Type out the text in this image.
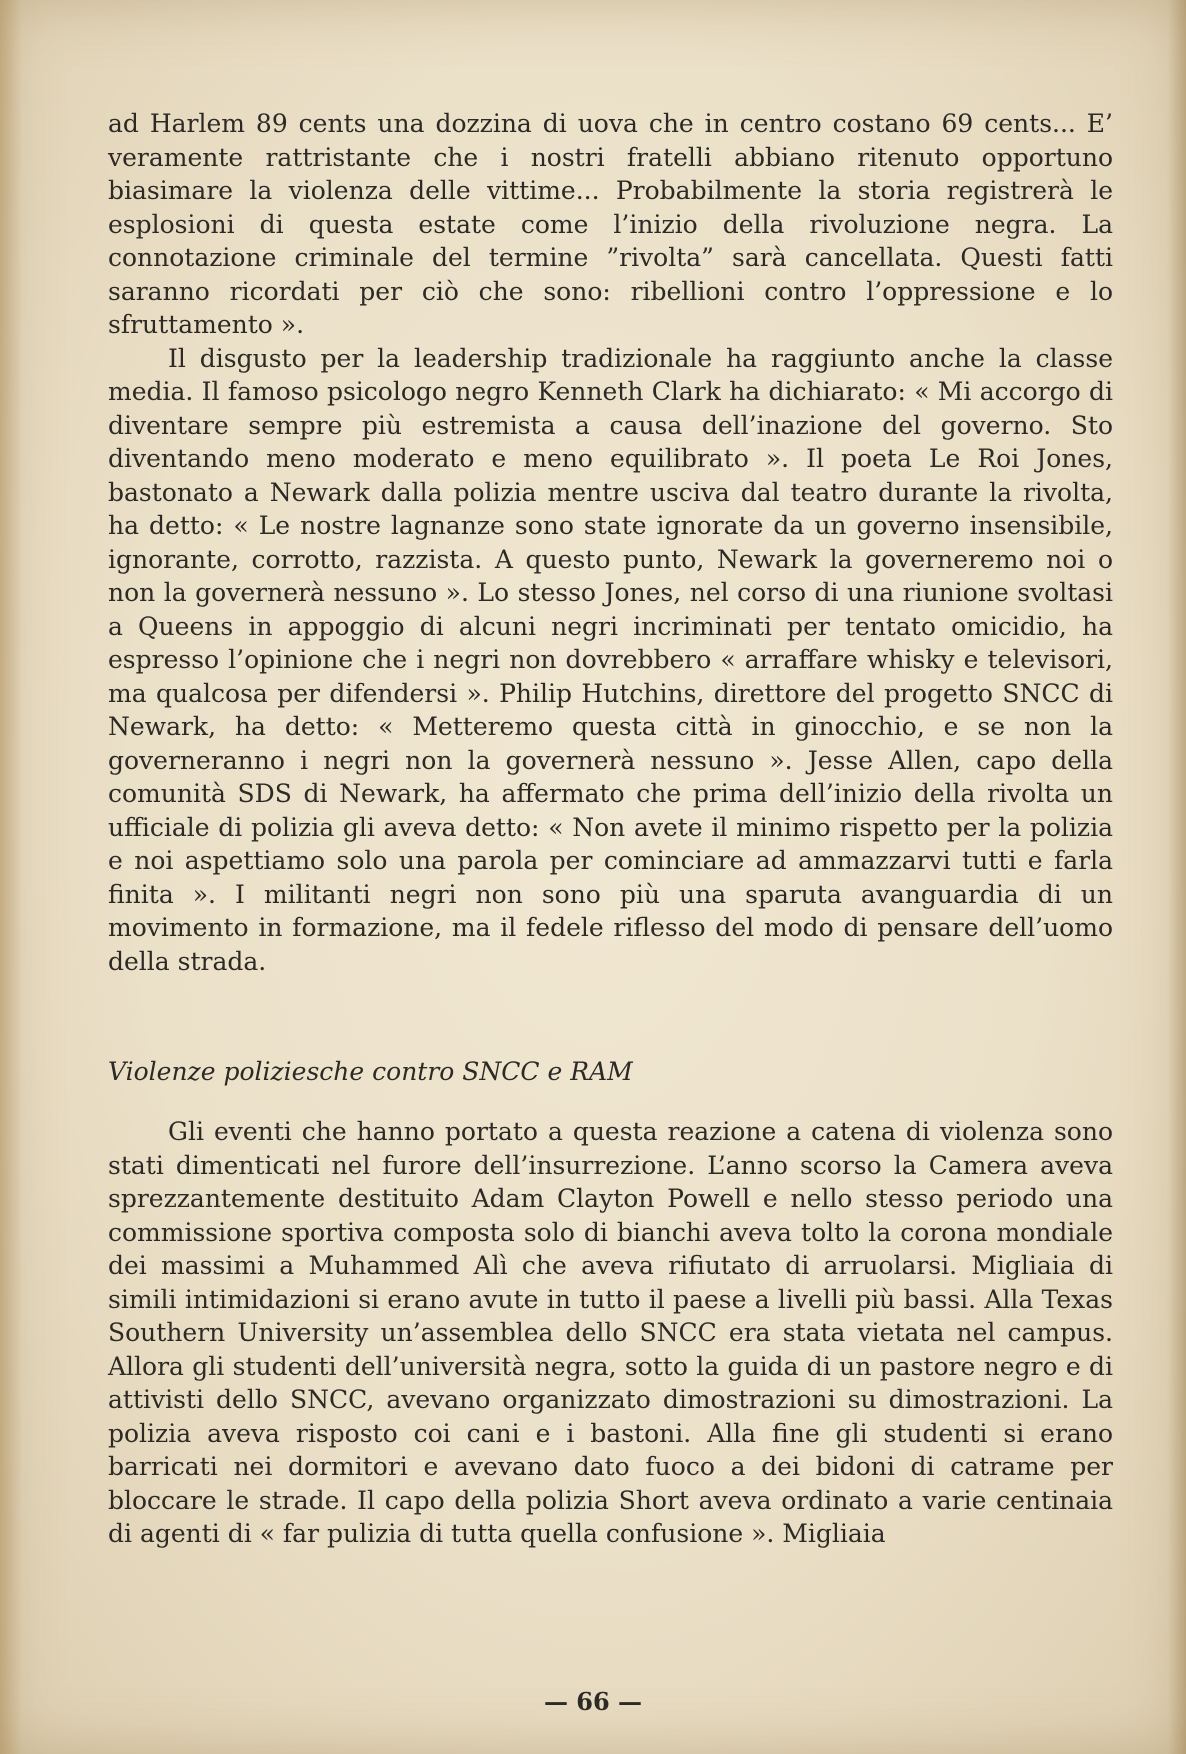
ad Harlem 89 cents una dozzina di uova che in centro costano 69 cents... E’ veramente rattristante che i nostri fratelli abbiano ritenuto opportuno biasimare la violenza delle vittime... Probabilmente la storia registrerà le esplosioni di questa estate come l’inizio della rivoluzione negra. La connotazione criminale del termine ”rivolta” sarà cancellata. Questi fatti saranno ricordati per ciò che sono: ribellioni contro l’oppressione e lo sfruttamento ».

Il disgusto per la leadership tradizionale ha raggiunto anche la classe media. Il famoso psicologo negro Kenneth Clark ha dichiarato: « Mi accorgo di diventare sempre più estremista a causa dell’inazione del governo. Sto diventando meno moderato e meno equilibrato ». Il poeta Le Roi Jones, bastonato a Newark dalla polizia mentre usciva dal teatro durante la rivolta, ha detto: « Le nostre lagnanze sono state ignorate da un governo insensibile, ignorante, corrotto, razzista. A questo punto, Newark la governeremo noi o non la governerà nessuno ». Lo stesso Jones, nel corso di una riunione svoltasi a Queens in appoggio di alcuni negri incriminati per tentato omicidio, ha espresso l’opinione che i negri non dovrebbero « arraffare whisky e televisori, ma qualcosa per difendersi ». Philip Hutchins, direttore del progetto SNCC di Newark, ha detto: « Metteremo questa città in ginocchio, e se non la governeranno i negri non la governerà nessuno ». Jesse Allen, capo della comunità SDS di Newark, ha affermato che prima dell’inizio della rivolta un ufficiale di polizia gli aveva detto: « Non avete il minimo rispetto per la polizia e noi aspettiamo solo una parola per cominciare ad ammazzarvi tutti e farla finita ». I militanti negri non sono più una sparuta avanguardia di un movimento in formazione, ma il fedele riflesso del modo di pensare dell’uomo della strada.

Violenze poliziesche contro SNCC e RAM

Gli eventi che hanno portato a questa reazione a catena di violenza sono stati dimenticati nel furore dell’insurrezione. L’anno scorso la Camera aveva sprezzantemente destituito Adam Clayton Powell e nello stesso periodo una commissione sportiva composta solo di bianchi aveva tolto la corona mondiale dei massimi a Muhammed Alì che aveva rifiutato di arruolarsi. Migliaia di simili intimidazioni si erano avute in tutto il paese a livelli più bassi. Alla Texas Southern University un’assemblea dello SNCC era stata vietata nel campus. Allora gli studenti dell’università negra, sotto la guida di un pastore negro e di attivisti dello SNCC, avevano organizzato dimostrazioni su dimostrazioni. La polizia aveva risposto coi cani e i bastoni. Alla fine gli studenti si erano barricati nei dormitori e avevano dato fuoco a dei bidoni di catrame per bloccare le strade. Il capo della polizia Short aveva ordinato a varie centinaia di agenti di « far pulizia di tutta quella confusione ». Migliaia

— 66 —
